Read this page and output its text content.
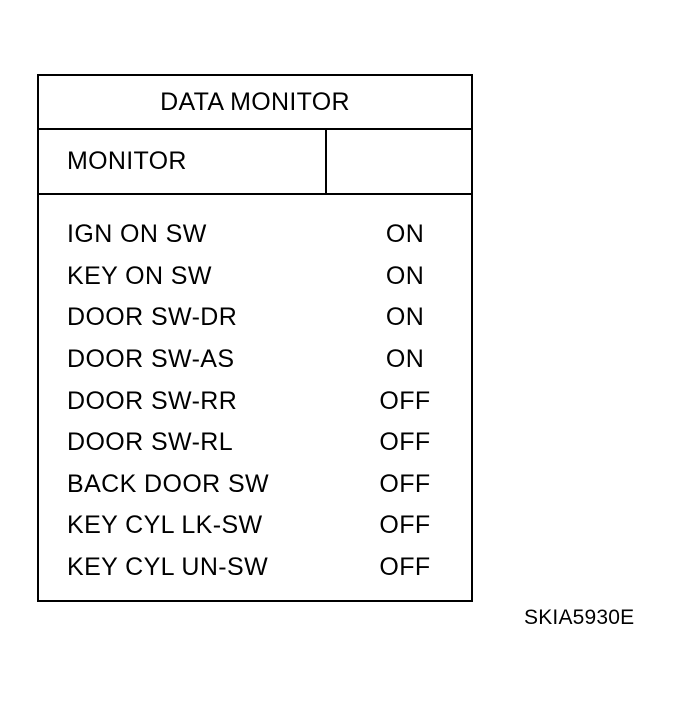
DATA MONITOR
MONITOR
IGN ON SW	ON
KEY ON SW	ON
DOOR SW-DR	ON
DOOR SW-AS	ON
DOOR SW-RR	OFF
DOOR SW-RL	OFF
BACK DOOR SW	OFF
KEY CYL LK-SW	OFF
KEY CYL UN-SW	OFF
SKIA5930E
